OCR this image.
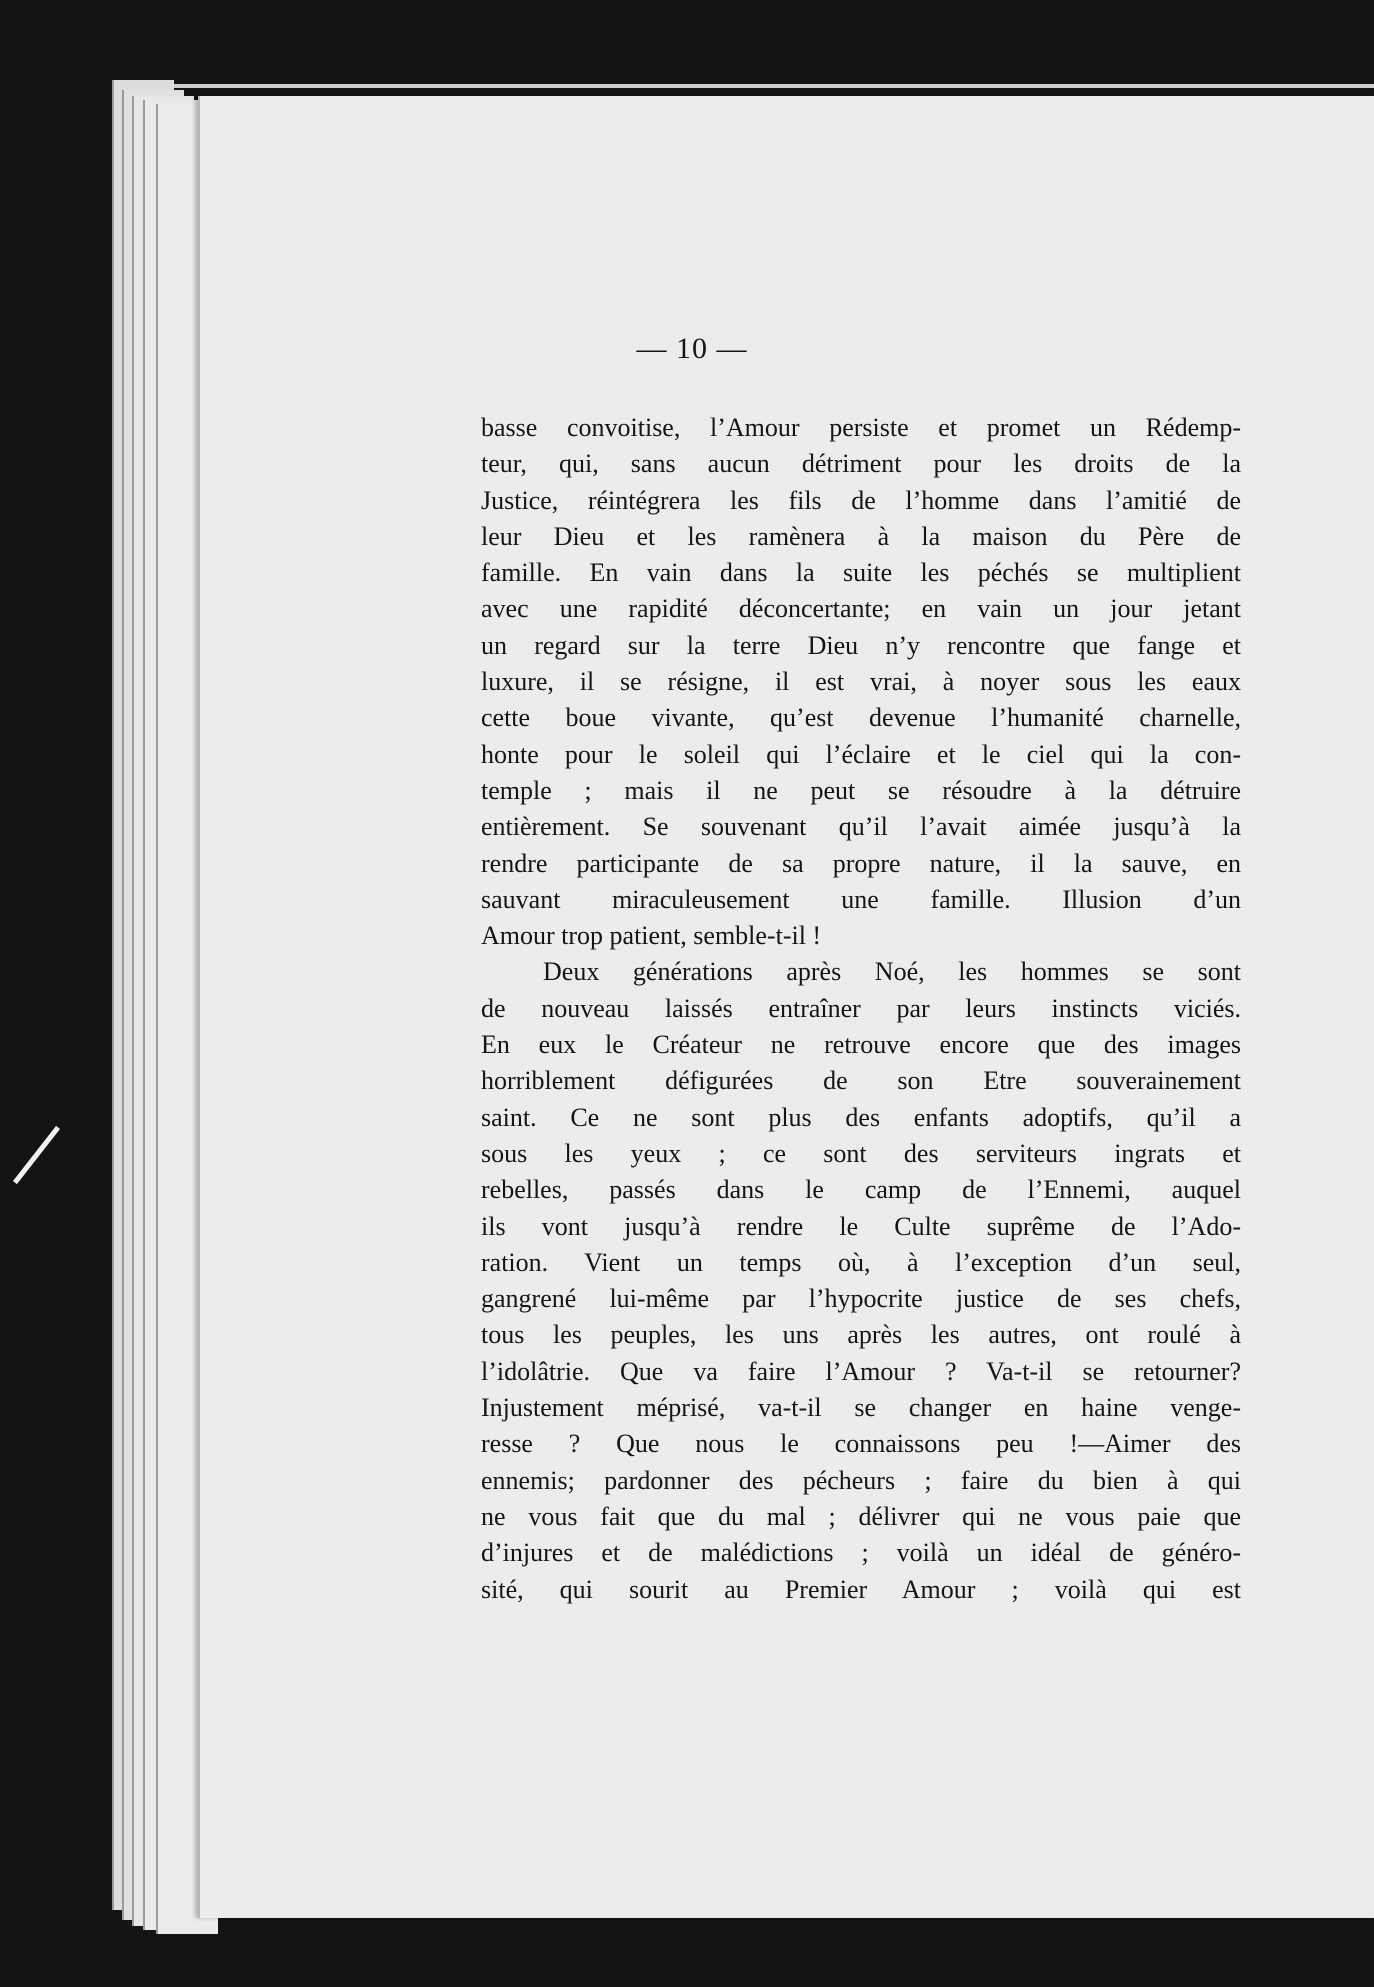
— 10 —
basse convoitise, l’Amour persiste et promet un Rédemp-
teur, qui, sans aucun détriment pour les droits de la
Justice, réintégrera les fils de l’homme dans l’amitié de
leur Dieu et les ramènera à la maison du Père de
famille. En vain dans la suite les péchés se multiplient
avec une rapidité déconcertante; en vain un jour jetant
un regard sur la terre Dieu n’y rencontre que fange et
luxure, il se résigne, il est vrai, à noyer sous les eaux
cette boue vivante, qu’est devenue l’humanité charnelle,
honte pour le soleil qui l’éclaire et le ciel qui la con-
temple ; mais il ne peut se résoudre à la détruire
entièrement. Se souvenant qu’il l’avait aimée jusqu’à la
rendre participante de sa propre nature, il la sauve, en
sauvant miraculeusement une famille. Illusion d’un
Amour trop patient, semble-t-il !
Deux générations après Noé, les hommes se sont
de nouveau laissés entraîner par leurs instincts viciés.
En eux le Créateur ne retrouve encore que des images
horriblement défigurées de son Etre souverainement
saint. Ce ne sont plus des enfants adoptifs, qu’il a
sous les yeux ; ce sont des serviteurs ingrats et
rebelles, passés dans le camp de l’Ennemi, auquel
ils vont jusqu’à rendre le Culte suprême de l’Ado-
ration. Vient un temps où, à l’exception d’un seul,
gangrené lui-même par l’hypocrite justice de ses chefs,
tous les peuples, les uns après les autres, ont roulé à
l’idolâtrie. Que va faire l’Amour ? Va-t-il se retourner?
Injustement méprisé, va-t-il se changer en haine venge-
resse ? Que nous le connaissons peu !—Aimer des
ennemis; pardonner des pécheurs ; faire du bien à qui
ne vous fait que du mal ; délivrer qui ne vous paie que
d’injures et de malédictions ; voilà un idéal de généro-
sité, qui sourit au Premier Amour ; voilà qui est
